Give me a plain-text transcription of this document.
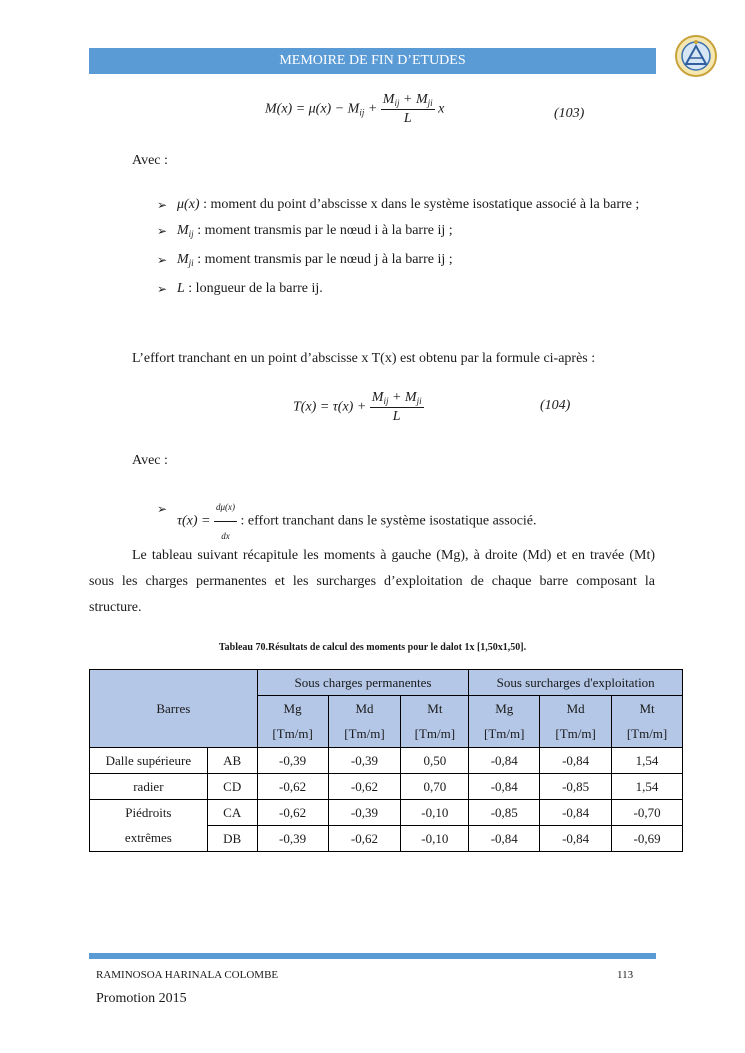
MEMOIRE DE FIN D’ETUDES
$M(x) = \mu(x) - M_{ij} + \frac{M_{ij} + M_{ji}}{L}$ x	(103)
Avec :
➢ μ(x) : moment du point d’abscisse x dans le système isostatique associé à la barre ;
➢ $M_{ij}$ : moment transmis par le nœud i à la barre ij ;
➢ $M_{ji}$ : moment transmis par le nœud j à la barre ij ;
➢ L : longueur de la barre ij.
L’effort tranchant en un point d’abscisse x T(x) est obtenu par la formule ci-après :
$T(x) = \tau(x) + \frac{M_{ij} + M_{ji}}{L}$	(104)
Avec :
➢
$\tau(x) = \frac{d\mu(x)}{dx}$ : effort tranchant dans le système isostatique associé.
Le tableau suivant récapitule les moments à gauche (Mg), à droite (Md) et en travée (Mt) sous les charges permanentes et les surcharges d’exploitation de chaque barre composant la structure.
Tableau 70.Résultats de calcul des moments pour le dalot 1x [1,50x1,50].
Barres		Sous charges permanentes			Sous surcharges d'exploitation		
		Mg	Md	Mt	Mg	Md	Mt
		[Tm/m]	[Tm/m]	[Tm/m]	[Tm/m]	[Tm/m]	[Tm/m]
Dalle supérieure	AB	-0,39	-0,39	0,50	-0,84	-0,84	1,54
radier	CD	-0,62	-0,62	0,70	-0,84	-0,85	1,54
Piédroits	CA	-0,62	-0,39	-0,10	-0,85	-0,84	-0,70
extrêmes	DB	-0,39	-0,62	-0,10	-0,84	-0,84	-0,69
RAMINOSOA HARINALA COLOMBE	113
Promotion 2015
